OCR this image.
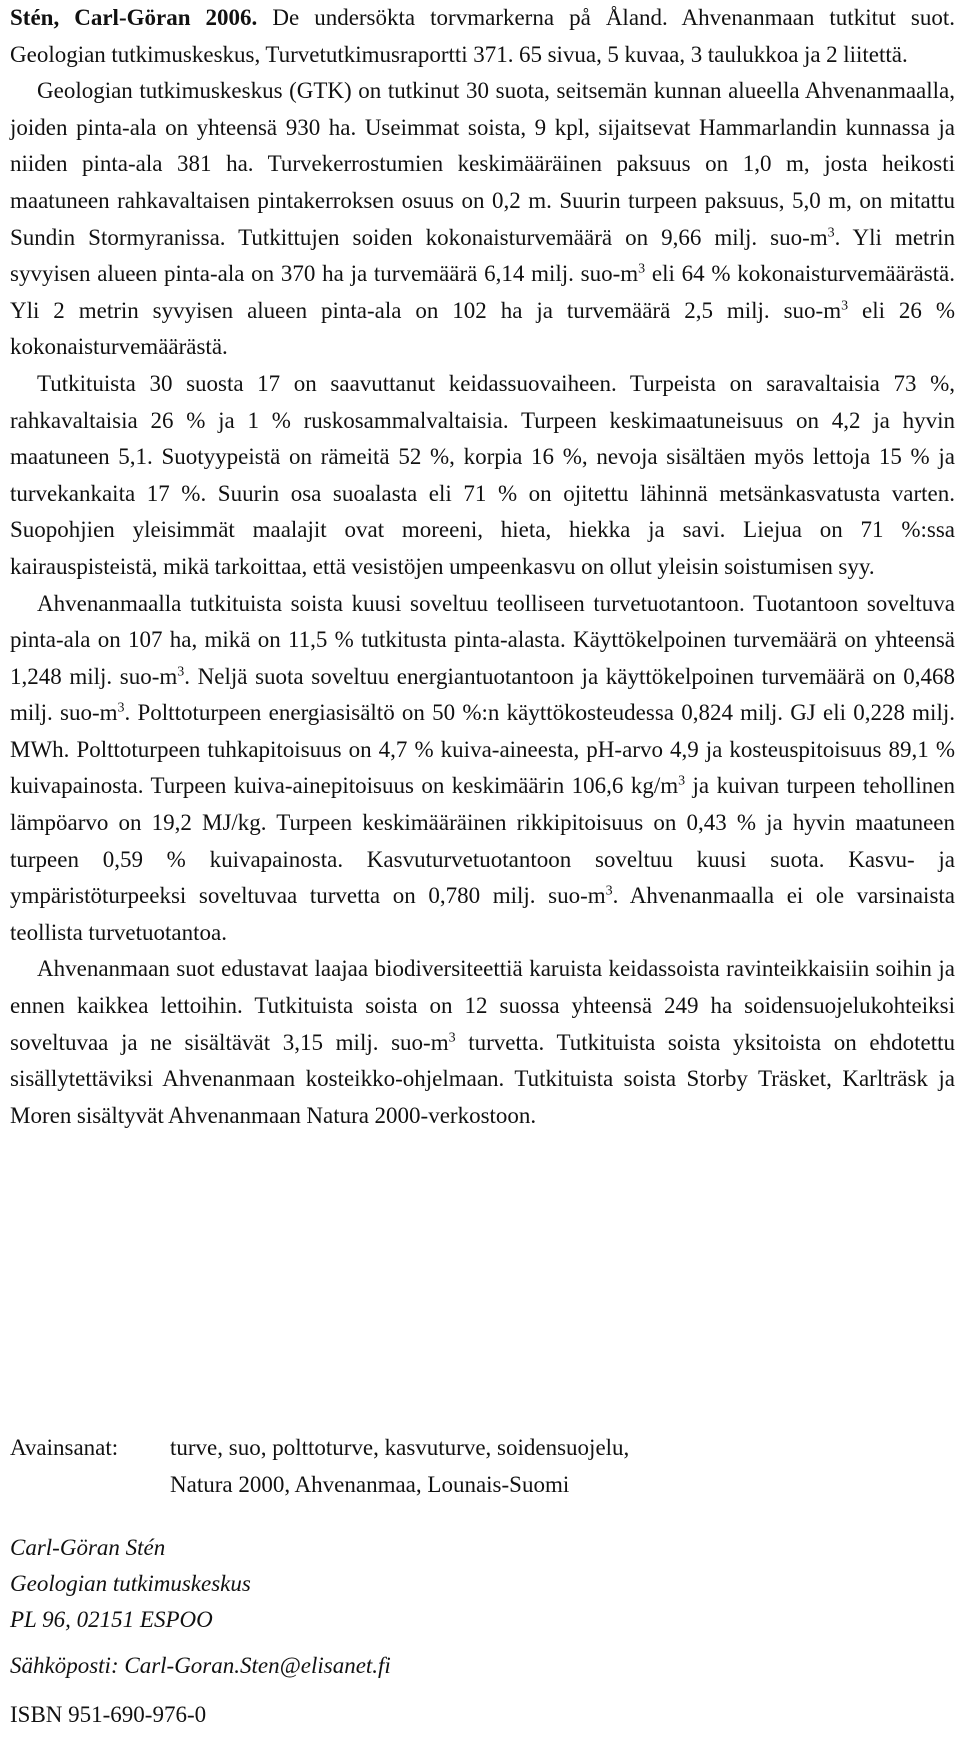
Stén, Carl-Göran 2006. De undersökta torvmarkerna på Åland. Ahvenanmaan tutkitut suot. Geologian tutkimuskeskus, Turvetutkimusraportti 371. 65 sivua, 5 kuvaa, 3 taulukkoa ja 2 liitettä.

Geologian tutkimuskeskus (GTK) on tutkinut 30 suota, seitsemän kunnan alueella Ahvenanmaalla, joiden pinta-ala on yhteensä 930 ha. Useimmat soista, 9 kpl, sijaitsevat Hammarlandin kunnassa ja niiden pinta-ala 381 ha. Turvekerrostumien keskimääräinen paksuus on 1,0 m, josta heikosti maatuneen rahkavaltaisen pintakerroksen osuus on 0,2 m. Suurin turpeen paksuus, 5,0 m, on mitattu Sundin Stormyranissa. Tutkittujen soiden kokonaisturvemäärä on 9,66 milj. suo-$m^3$. Yli metrin syvyisen alueen pinta-ala on 370 ha ja turvemäärä 6,14 milj. suo-$m^3$ eli 64 % kokonaisturvemäärästä. Yli 2 metrin syvyisen alueen pinta-ala on 102 ha ja turvemäärä 2,5 milj. suo-$m^3$ eli 26 % kokonaisturvemäärästä.

Tutkituista 30 suosta 17 on saavuttanut keidassuovaiheen. Turpeista on saravaltaisia 73 %, rahkavaltaisia 26 % ja 1 % ruskosammalvaltaisia. Turpeen keskimaatuneisuus on 4,2 ja hyvin maatuneen 5,1. Suotyypeistä on rämeitä 52 %, korpia 16 %, nevoja sisältäen myös lettoja 15 % ja turvekankaita 17 %. Suurin osa suoalasta eli 71 % on ojitettu lähinnä metsänkasvatusta varten. Suopohjien yleisimmät maalajit ovat moreeni, hieta, hiekka ja savi. Liejua on 71 %:ssa kairauspisteistä, mikä tarkoittaa, että vesistöjen umpeenkasvu on ollut yleisin soistumisen syy.

Ahvenanmaalla tutkituista soista kuusi soveltuu teolliseen turvetuotantoon. Tuotantoon soveltuva pinta-ala on 107 ha, mikä on 11,5 % tutkitusta pinta-alasta. Käyttökelpoinen turvemäärä on yhteensä 1,248 milj. suo-$m^3$. Neljä suota soveltuu energiantuotantoon ja käyttökelpoinen turvemäärä on 0,468 milj. suo-$m^3$. Polttoturpeen energiasisältö on 50 %:n käyttökosteudessa 0,824 milj. GJ eli 0,228 milj. MWh. Polttoturpeen tuhkapitoisuus on 4,7 % kuiva-aineesta, pH-arvo 4,9 ja kosteuspitoisuus 89,1 % kuivapainosta. Turpeen kuiva-ainepitoisuus on keskimäärin 106,6 $kg/m^3$ ja kuivan turpeen tehollinen lämpöarvo on 19,2 MJ/kg. Turpeen keskimääräinen rikkipitoisuus on 0,43 % ja hyvin maatuneen turpeen 0,59 % kuivapainosta. Kasvuturvetuotantoon soveltuu kuusi suota. Kasvu- ja ympäristöturpeeksi soveltuvaa turvetta on 0,780 milj. suo-$m^3$. Ahvenanmaalla ei ole varsinaista teollista turvetuotantoa.

Ahvenanmaan suot edustavat laajaa biodiversiteettiä karuista keidassoista ravinteikkaisiin soihin ja ennen kaikkea lettoihin. Tutkituista soista on 12 suossa yhteensä 249 ha soidensuojelukohteiksi soveltuvaa ja ne sisältävät 3,15 milj. suo-$m^3$ turvetta. Tutkituista soista yksitoista on ehdotettu sisällytettäviksi Ahvenanmaan kosteikko-ohjelmaan. Tutkituista soista Storby Träsket, Karlträsk ja Moren sisältyvät Ahvenanmaan Natura 2000-verkostoon.

Avainsanat: turve, suo, polttoturve, kasvuturve, soidensuojelu,
Natura 2000, Ahvenanmaa, Lounais-Suomi
Carl-Göran Stén
Geologian tutkimuskeskus
PL 96, 02151 ESPOO
Sähköposti: Carl-Goran.Sten@elisanet.fi
ISBN 951-690-976-0
